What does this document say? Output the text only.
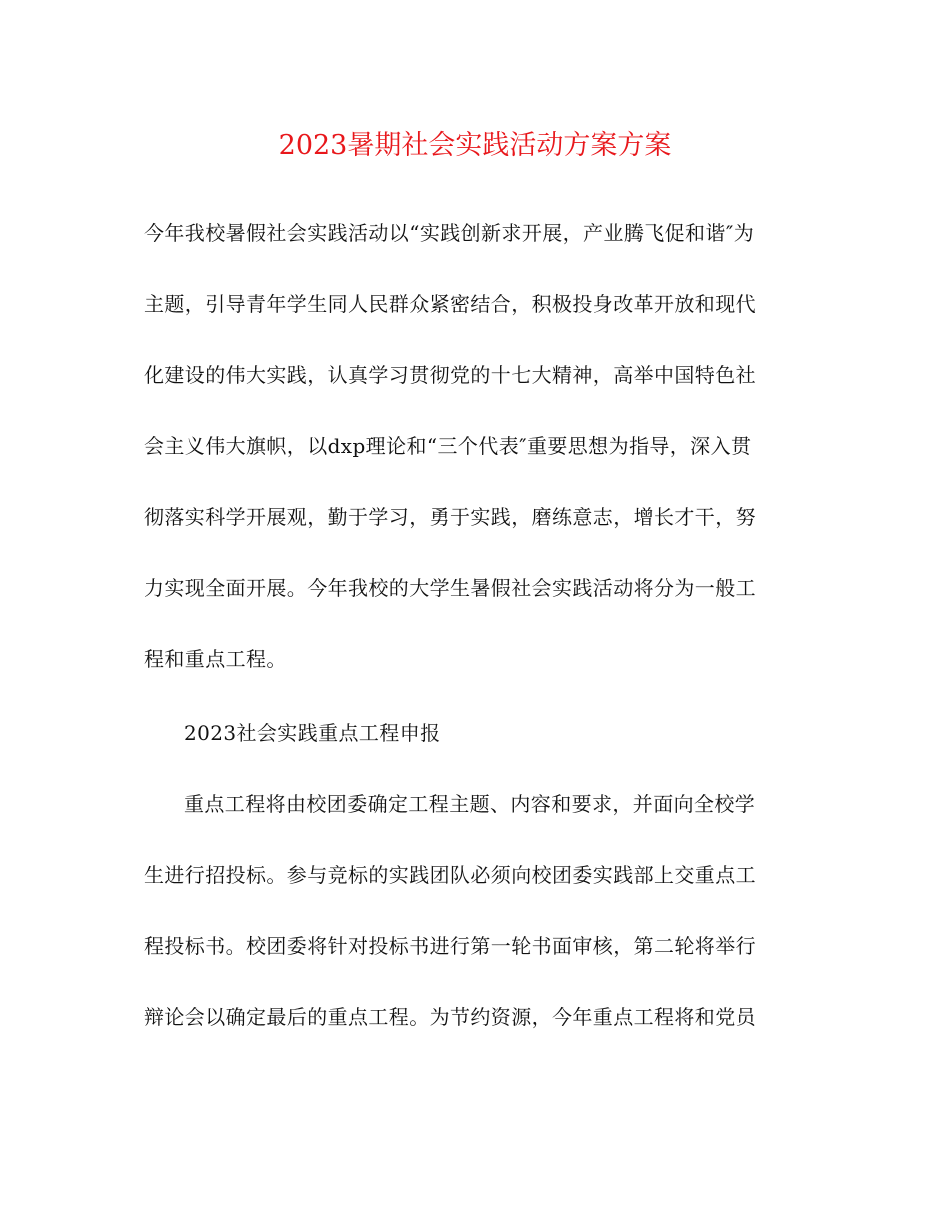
2023暑期社会实践活动方案方案
今年我校暑假社会实践活动以“实践创新求开展，产业腾飞促和谐″为
主题，引导青年学生同人民群众紧密结合，积极投身改革开放和现代
化建设的伟大实践，认真学习贯彻党的十七大精神，高举中国特色社
会主义伟大旗帜，以dxp理论和“三个代表″重要思想为指导，深入贯
彻落实科学开展观，勤于学习，勇于实践，磨练意志，增长才干，努
力实现全面开展。今年我校的大学生暑假社会实践活动将分为一般工
程和重点工程。
2023社会实践重点工程申报
重点工程将由校团委确定工程主题、内容和要求，并面向全校学
生进行招投标。参与竞标的实践团队必须向校团委实践部上交重点工
程投标书。校团委将针对投标书进行第一轮书面审核，第二轮将举行
辩论会以确定最后的重点工程。为节约资源，今年重点工程将和党员
